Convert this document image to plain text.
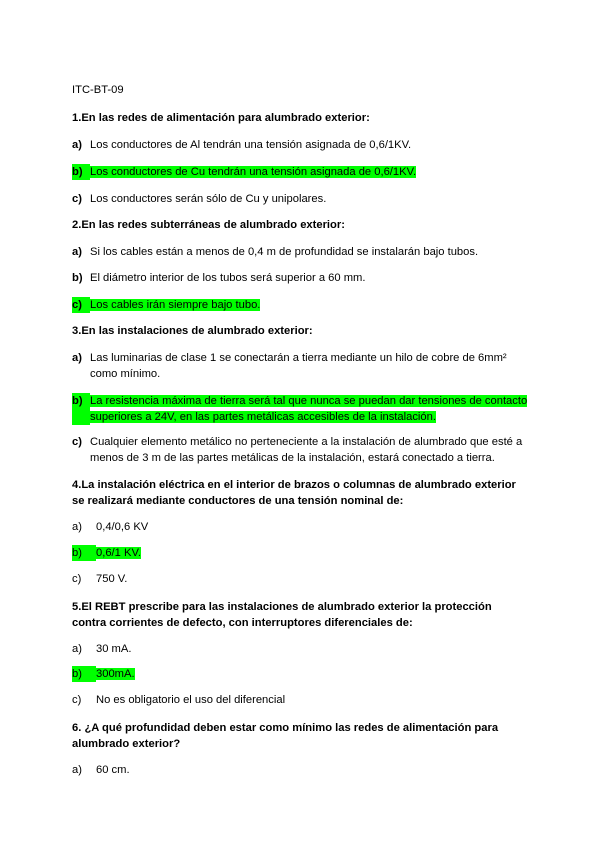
ITC-BT-09
1.En las redes de alimentación para alumbrado exterior:
a) Los conductores de Al tendrán una tensión asignada de 0,6/1KV.
b) Los conductores de Cu tendrán una tensión asignada de 0,6/1KV.
c) Los conductores serán sólo de Cu y unipolares.
2.En las redes subterráneas de alumbrado exterior:
a) Si los cables están a menos de 0,4 m de profundidad se instalarán bajo tubos.
b) El diámetro interior de los tubos será superior a 60 mm.
c) Los cables irán siempre bajo tubo.
3.En las instalaciones de alumbrado exterior:
a) Las luminarias de clase 1 se conectarán a tierra mediante un hilo de cobre de 6mm² como mínimo.
b) La resistencia máxima de tierra será tal que nunca se puedan dar tensiones de contacto superiores a 24V, en las partes metálicas accesibles de la instalación.
c) Cualquier elemento metálico no perteneciente a la instalación de alumbrado que esté a menos de 3 m de las partes metálicas de la instalación, estará conectado a tierra.
4.La instalación eléctrica en el interior de brazos o columnas de alumbrado exterior se realizará mediante conductores de una tensión nominal de:
a)	0,4/0,6 KV
b)	0,6/1 KV.
c)	750 V.
5.El REBT prescribe para las instalaciones de alumbrado exterior la protección contra corrientes de defecto, con interruptores diferenciales de:
a)	30 mA.
b)	300mA.
c)	No es obligatorio el uso del diferencial
6. ¿A qué profundidad deben estar como mínimo las redes de alimentación para alumbrado exterior?
a)	60 cm.
